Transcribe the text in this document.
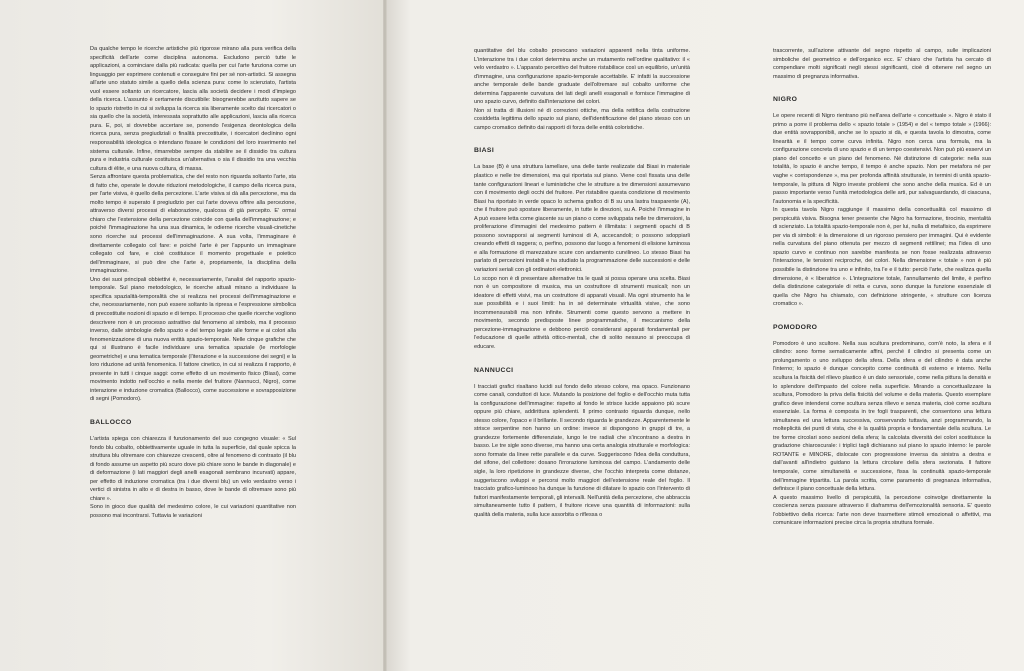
Da qualche tempo le ricerche artistiche più rigorose mirano alla pura verifica della specificità dell'arte come disciplina autonoma. Escludono perciò tutte le applicazioni, a cominciare dalla più radicata: quella per cui l'arte funziona come un linguaggio per esprimere contenuti e conseguire fini per sé non-artistici. Si assegna all'arte uno statuto simile a quello della scienza pura: come lo scienziato, l'artista vuol essere soltanto un ricercatore, lascia alla società decidere i modi d'impiego della ricerca. L'assunto è certamente discutibile: bisognerebbe anzitutto sapere se lo spazio ristretto in cui si sviluppa la ricerca sia liberamente scelto dai ricercatori o sia quello che la società, interessata soprattutto alle applicazioni, lascia alla ricerca pura. E, poi, si dovrebbe accertare se, ponendo l'esigenza deontologica della ricerca pura, senza pregiudiziali o finalità precostituite, i ricercatori declinino ogni responsabilità ideologica o intendano fissare le condizioni del loro inserimento nel sistema culturale. Infine, rimarrebbe sempre da stabilire se il dissidio tra cultura pura e industria culturale costituisca un'alternativa o sia il dissidio tra una vecchia cultura di élite, e una nuova cultura, di massa.

Senza affrontare questa problematica, che del resto non riguarda soltanto l'arte, sta di fatto che, operate le dovute riduzioni metodologiche, il campo della ricerca pura, per l'arte visiva, è quello della percezione. L'arte visiva si dà alla percezione, ma da molto tempo è superato il pregiudizio per cui l'arte doveva offrire alla percezione, attraverso diversi processi di elaborazione, qualcosa di già percepito. E' ormai chiaro che l'estensione della percezione coincide con quella dell'immaginazione; e poiché l'immaginazione ha una sua dinamica, le odierne ricerche visuali-cinetiche sono ricerche sui processi dell'immaginazione. A sua volta, l'immaginare è direttamente collegato col fare: e poiché l'arte è per l'appunto un immaginare collegato col fare, e cioè costituisce il momento progettuale e poietico dell'immaginare, si può dire che l'arte è, propriamente, la disciplina della immaginazione.

Uno dei suoi principali obbiettivi è, necessariamente, l'analisi del rapporto spazio-temporale. Sul piano metodologico, le ricerche attuali mirano a individuare la specifica spazialità-temporalità che si realizza nei processi dell'immaginazione e che, necessariamente, non può essere soltanto la ripresa e l'espressione simbolica di precostituite nozioni di spazio e di tempo. Il processo che quelle ricerche vogliono descrivere non è un processo astrattivo dal fenomeno al simbolo, ma il processo inverso, dalle simbologie dello spazio e del tempo legate alle forme e ai colori alla fenomenizzazione di una nuova entità spazio-temporale. Nelle cinque grafiche che qui si illustrano è facile individuare una tematica spaziale (le morfologie geometriche) e una tematica temporale (l'iterazione e la successione dei segni) e la loro riduzione ad unità fenomenica. Il fattore cinetico, in cui si realizza il rapporto, è presente in tutti i cinque saggi: come effetto di un movimento fisico (Biasi), come movimento indotto nell'occhio e nella mente del fruitore (Nannucci, Nigro), come interazione e induzione cromatica (Ballocco), come successione e sovrapposizione di segni (Pomodoro).

BALLOCCO

L'artista spiega con chiarezza il funzionamento del suo congegno visuale: « Sul fondo blu cobalto, obbiettivamente uguale in tutta la superficie, dal quale spicca la struttura blu oltremare con chiarezze crescenti, oltre al fenomeno di contrasto (il blu di fondo assume un aspetto più scuro dove più chiare sono le bande in diagonale) e di deformazione (i lati maggiori degli anelli esagonali sembrano incurvati) appare, per effetto di induzione cromatica (tra i due diversi blu) un velo verdastro verso i vertici di sinistra in alto e di destra in basso, dove le bande di oltremare sono più chiare ».

Sono in gioco due qualità del medesimo colore, le cui variazioni quantitative non possono mai incontrarsi. Tuttavia le variazioni

quantitative del blu cobalto provocano variazioni apparenti nella tinta uniforme. L'interazione tra i due colori determina anche un mutamento nell'ordine qualitativo: il « velo verdastro ». L'apparato percettivo del fruitore ristabilisce così un equilibrio, un'unità d'immagine, una configurazione spazio-temporale accettabile. E' infatti la successione anche temporale delle bande graduate dell'oltremare sul cobalto uniforme che determina l'apparente curvatura dei lati degli anelli esagonali e fornisce l'immagine di uno spazio curvo, definito dall'interazione dei colori.

Non si tratta di illusioni né di correzioni ottiche, ma della rettifica della costruzione cosiddetta legittima dello spazio sul piano, dell'identificazione del piano stesso con un campo cromatico definito dai rapporti di forza delle entità coloristiche.

BIASI

La base (B) è una struttura lamellare, una delle tante realizzate dal Biasi in materiale plastico e nelle tre dimensioni, ma qui riportata sul piano. Viene così fissata una delle tante configurazioni lineari e luministiche che le strutture a tre dimensioni assumevano con il movimento degli occhi del fruitore. Per ristabilire questa condizione di movimento Biasi ha riportato in verde opaco lo schema grafico di B su una lastra trasparente (A), che il fruitore può spostare liberamente, in tutte le direzioni, su A. Poiché l'immagine in A può essere letta come giacente su un piano o come sviluppata nelle tre dimensioni, la proliferazione d'immagini del medesimo pattern è illimitata: i segmenti opachi di B possono sovrapporsi ai segmenti luminosi di A, accecandoli; o possono sdoppiarli creando effetti di raggera; o, perfino, possono dar luogo a fenomeni di elisione luminosa e alla formazione di marezzature scure con andamento curvilineo. Lo stesso Biasi ha parlato di percezioni instabili e ha studiato la programmazione delle successioni e delle variazioni seriali con gli ordinatori elettronici.

Lo scopo non è di presentare alternative tra le quali si possa operare una scelta. Biasi non è un compositore di musica, ma un costruttore di strumenti musicali; non un ideatore di effetti visivi, ma un costruttore di apparati visuali. Ma ogni strumento ha le sue possibilità e i suoi limiti: ha in sé determinate virtualità visive, che sono incommensurabili ma non infinite. Strumenti come questo servono a mettere in movimento, secondo predisposte linee programmatiche, il meccanismo della percezione-immaginazione e debbono perciò considerarsi apparati fondamentali per l'educazione di quelle attività ottico-mentali, che di solito nessuno si preoccupa di educare.

NANNUCCI

I tracciati grafici risaltano lucidi sul fondo dello stesso colore, ma opaco. Funzionano come canali, conduttori di luce. Mutando la posizione del foglio e dell'occhio muta tutta la configurazione dell'immagine: rispetto al fondo le strisce lucide appaiono più scure oppure più chiare, addirittura splendenti. Il primo contrasto riguarda dunque, nello stesso colore, l'opaco e il brillante. Il secondo riguarda le grandezze. Apparentemente le strisce serpentine non hanno un ordine: invece si dispongono in gruppi di tre, a grandezze fortemente differenziate, lungo le tre radiali che s'incontrano a destra in basso. Le tre sigle sono diverse, ma hanno una certa analogia strutturale e morfologica: sono formate da linee rette parallele e da curve. Suggeriscono l'idea della conduttura, del sifone, del collettore: dosano l'irrorazione luminosa del campo. L'andamento delle sigle, la loro ripetizione in grandezze diverse, che l'occhio interpreta come distanze, suggeriscono sviluppi e percorsi molto maggiori dell'estensione reale del foglio. Il tracciato grafico-luminoso ha dunque la funzione di dilatare lo spazio con l'intervento di fattori manifestamente temporali, gli intervalli. Nell'unità della percezione, che abbraccia simultaneamente tutto il pattern, il fruitore riceve una quantità di informazioni: sulla qualità della materia, sulla luce assorbita o riflessa o

trascorrente, sull'azione attivante del segno rispetto al campo, sulle implicazioni simboliche del geometrico e dell'organico ecc. E' chiaro che l'artista ha cercato di compendiare molti significati negli stessi significanti, cioè di ottenere nel segno un massimo di pregnanza informativa.

NIGRO

Le opere recenti di Nigro rientrano più nell'area dell'arte « concettuale ». Nigro è stato il primo a porre il problema dello « spazio totale » (1954) e del « tempo totale » (1966): due entità sovrapponibili, anche se lo spazio si dà, e questa tavola lo dimostra, come linearità e il tempo come curva infinita. Nigro non cerca una formula, ma la configurazione concreta di uno spazio e di un tempo coestensivi. Non può più esservi un piano del concetto e un piano del fenomeno. Né distinzione di categorie: nella sua totalità, lo spazio è anche tempo, il tempo è anche spazio. Non per metafora né per vaghe « corrispondenze », ma per profonda affinità strutturale, in termini di unità spazio-temporale, la pittura di Nigro investe problemi che sono anche della musica. Ed è un passo importante verso l'unità metodologica delle arti, pur salvaguardando, di ciascuna, l'autonomia e la specificità.

In questa tavola Nigro raggiunge il massimo della concettualità col massimo di perspicuità visiva. Bisogna tener presente che Nigro ha formazione, tirocinio, mentalità di scienziato. La totalità spazio-temporale non è, per lui, nulla di metafisico, da esprimere per via di simboli: è la dimensione di un rigoroso pensiero per immagini. Qui è evidente nella curvatura del piano ottenuta per mezzo di segmenti rettilinei; ma l'idea di uno spazio curvo e continuo non sarebbe manifesta se non fosse realizzata attraverso l'interazione, le tensioni reciproche, dei colori. Nella dimensione « totale » non è più possibile la distinzione tra uno e infinito, tra l'e e il tutto: perciò l'arte, che realizza quella dimensione, è « liberatrice ». L'integrazione totale, l'annullamento del limite, è perfino della distinzione categoriale di retta e curva, sono dunque la funzione essenziale di quella che Nigro ha chiamato, con definizione stringente, « strutture con licenza cromatico ».

POMODORO

Pomodoro è uno scultore. Nella sua scultura predominano, com'è noto, la sfera e il cilindro: sono forme sematicamente affini, perché il cilindro si presenta come un prolungamento o uno sviluppo della sfera. Della sfera e del cilindro è data anche l'interno; lo spazio è dunque concepito come continuità di esterno e interno. Nella scultura la fisicità del rilievo plastico è un dato sensoriale, come nella pittura la densità e lo splendore dell'impasto del colore nella superficie. Mirando a concettualizzare la scultura, Pomodoro la priva della fisicità del volume e della materia. Questo esemplare grafico deve intendersi come scultura senza rilievo e senza materia, cioè come scultura essenziale. La forma è composta in tre fogli trasparenti, che consentono una lettura simultanea ed una lettura successiva, conservando tuttavia, anzi programmando, la molteplicità dei punti di vista, che è la qualità propria e fondamentale della scultura. Le tre forme circolari sono sezioni della sfera; la calcolata diversità dei colori sostituisce la gradazione chiaroscurale: i triplici tagli dichiarano sul piano lo spazio interno: le parole ROTANTE e MINORE, dislocate con progressione inversa da sinistra a destra e dall'avanti all'indietro guidano la lettura circolare della sfera sezionata. Il fattore temporale, come simultaneità e successione, fissa la continuità spazio-temporale dell'immagine tripartita. La parola scritta, come paramento di pregnanza informativa, definisce il piano concettuale della lettura.

A questo massimo livello di perspicuità, la percezione coinvolge direttamente la coscienza senza passare attraverso il diaframma dell'emozionalità sensoria. E' questo l'obbiettivo della ricerca: l'arte non deve trasmettere stimoli emozionali o affettivi, ma comunicare informazioni precise circa la propria struttura formale.
